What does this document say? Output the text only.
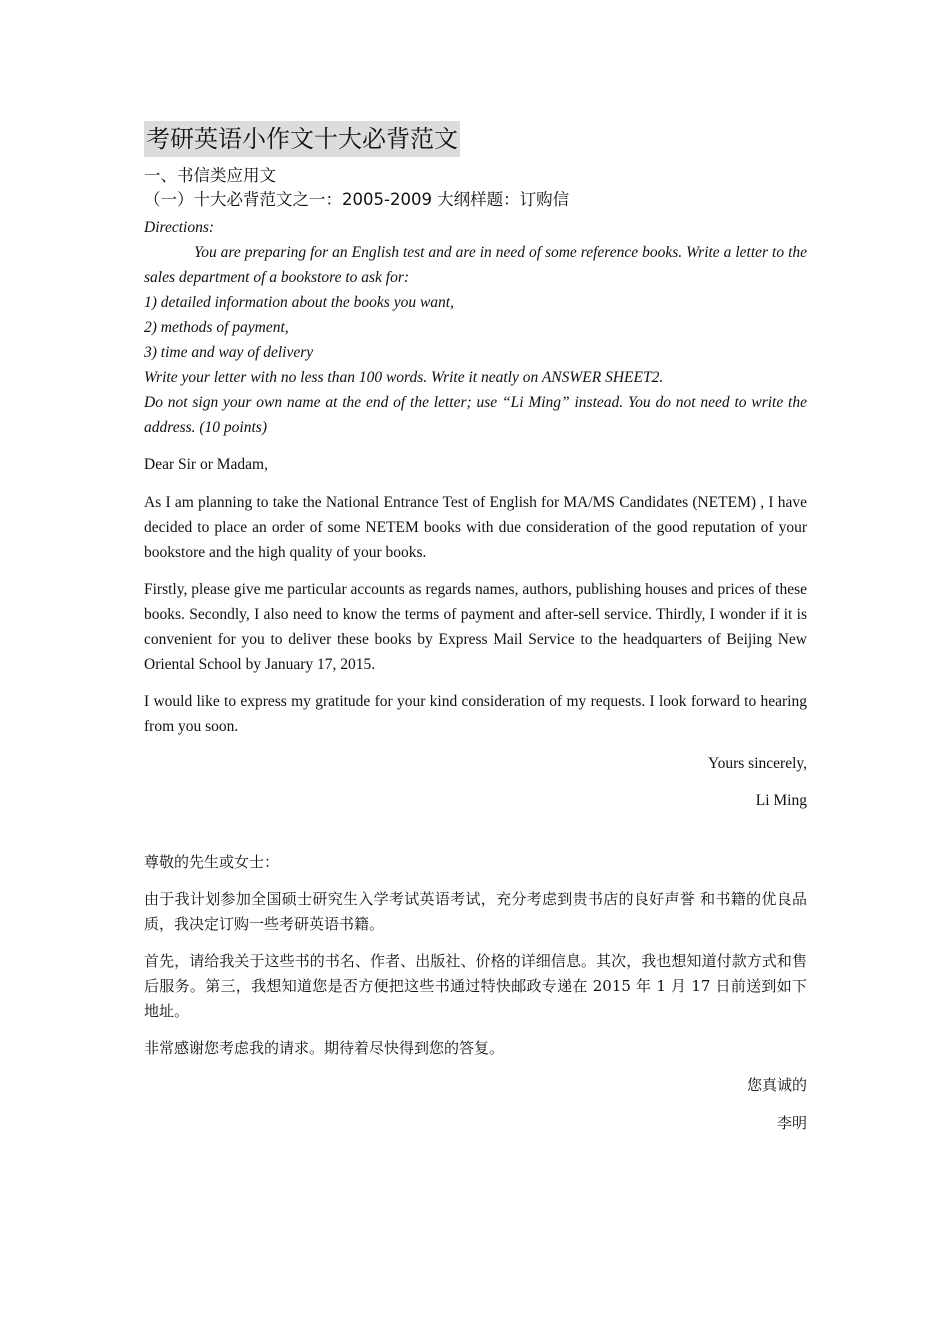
考研英语小作文十大必背范文
一、书信类应用文
（一）十大必背范文之一：2005-2009 大纲样题：订购信
Directions:
You are preparing for an English test and are in need of some reference books. Write a letter to the sales department of a bookstore to ask for:
1) detailed information about the books you want,
2) methods of payment,
3) time and way of delivery
Write your letter with no less than 100 words. Write it neatly on ANSWER SHEET2.
Do not sign your own name at the end of the letter; use “Li Ming” instead. You do not need to write the address. (10 points)
Dear Sir or Madam,
As I am planning to take the National Entrance Test of English for MA/MS Candidates (NETEM) , I have decided to place an order of some NETEM books with due consideration of the good reputation of your bookstore and the high quality of your books.
Firstly, please give me particular accounts as regards names, authors, publishing houses and prices of these books. Secondly, I also need to know the terms of payment and after-sell service. Thirdly, I wonder if it is convenient for you to deliver these books by Express Mail Service to the headquarters of Beijing New Oriental School by January 17, 2015.
I would like to express my gratitude for your kind consideration of my requests. I look forward to hearing from you soon.
Yours sincerely,
Li Ming
尊敬的先生或女士：
由于我计划参加全国硕士研究生入学考试英语考试，充分考虑到贵书店的良好声誉 和书籍的优良品质，我决定订购一些考研英语书籍。
首先，请给我关于这些书的书名、作者、出版社、价格的详细信息。其次，我也想知道付款方式和售后服务。第三，我想知道您是否方便把这些书通过特快邮政专递在 2015 年 1 月 17 日前送到如下地址。
非常感谢您考虑我的请求。期待着尽快得到您的答复。
您真诚的
李明
